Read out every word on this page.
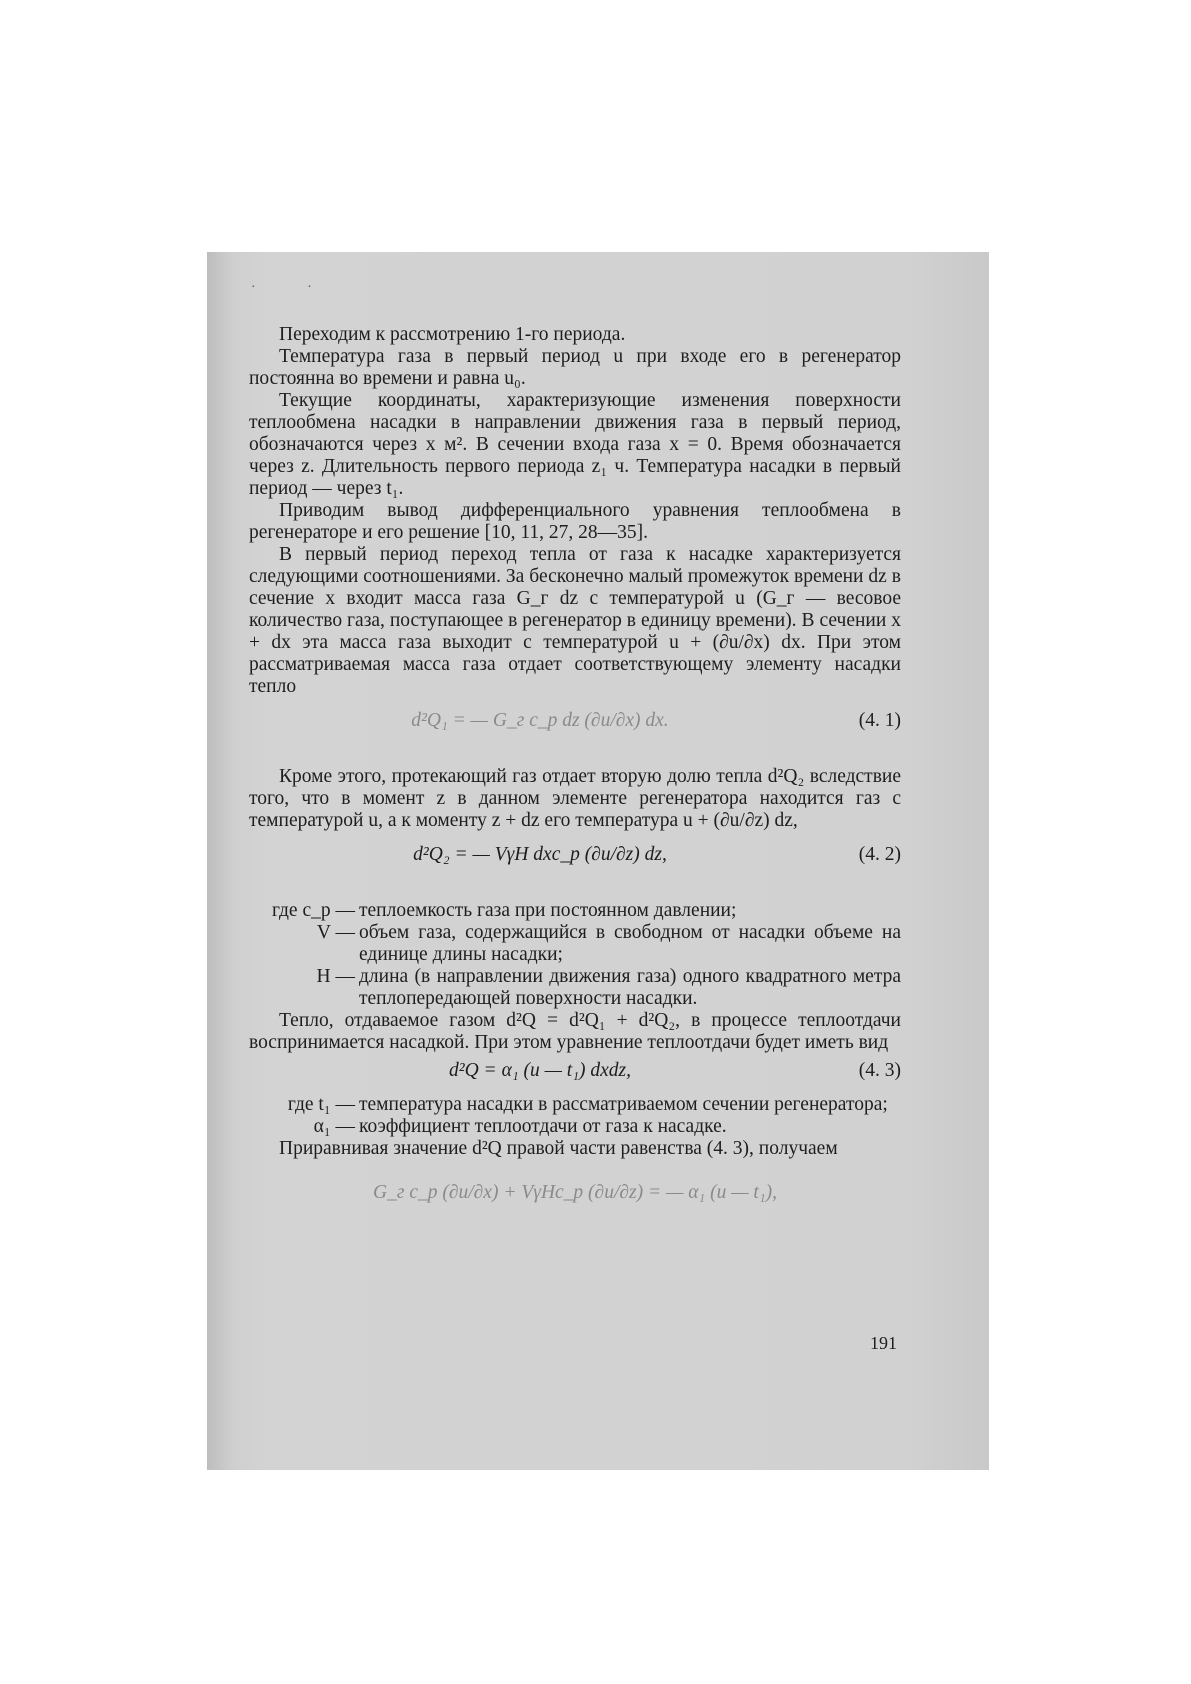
· ·

Переходим к рассмотрению 1-го периода.

Температура газа в первый период u при входе его в регенератор постоянна во времени и равна u₀.

Текущие координаты, характеризующие изменения поверхности теплообмена насадки в направлении движения газа в первый период, обозначаются через x м². В сечении входа газа x = 0. Время обозначается через z. Длительность первого периода z₁ ч. Температура насадки в первый период — через t₁.

Приводим вывод дифференциального уравнения теплообмена в регенераторе и его решение [10, 11, 27, 28—35].

В первый период переход тепла от газа к насадке характеризуется следующими соотношениями. За бесконечно малый промежуток времени dz в сечение x входит масса газа G_г dz с температурой u (G_г — весовое количество газа, поступающее в регенератор в единицу времени). В сечении x + dx эта масса газа выходит с температурой u + (∂u/∂x) dx. При этом рассматриваемая масса газа отдает соответствующему элементу насадки тепло

d²Q₁ = — G_г c_p dz (∂u/∂x) dx.	(4. 1)

Кроме этого, протекающий газ отдает вторую долю тепла d²Q₂ вследствие того, что в момент z в данном элементе регенератора находится газ с температурой u, а к моменту z + dz его температура u + (∂u/∂z) dz,

d²Q₂ = — VγH dxc_p (∂u/∂z) dz,	(4. 2)
где c_p — теплоемкость газа при постоянном давлении;
V — объем газа, содержащийся в свободном от насадки объеме на единице длины насадки;
H — длина (в направлении движения газа) одного квадратного метра теплопередающей поверхности насадки.

Тепло, отдаваемое газом d²Q = d²Q₁ + d²Q₂, в процессе теплоотдачи воспринимается насадкой. При этом уравнение теплоотдачи будет иметь вид

d²Q = α₁ (u — t₁) dxdz,	(4. 3)
где t₁ — температура насадки в рассматриваемом сечении регенератора;
α₁ — коэффициент теплоотдачи от газа к насадке.

Приравнивая значение d²Q правой части равенства (4. 3), получаем

G_г c_p (∂u/∂x) + VγHc_p (∂u/∂z) = — α₁ (u — t₁),
191
